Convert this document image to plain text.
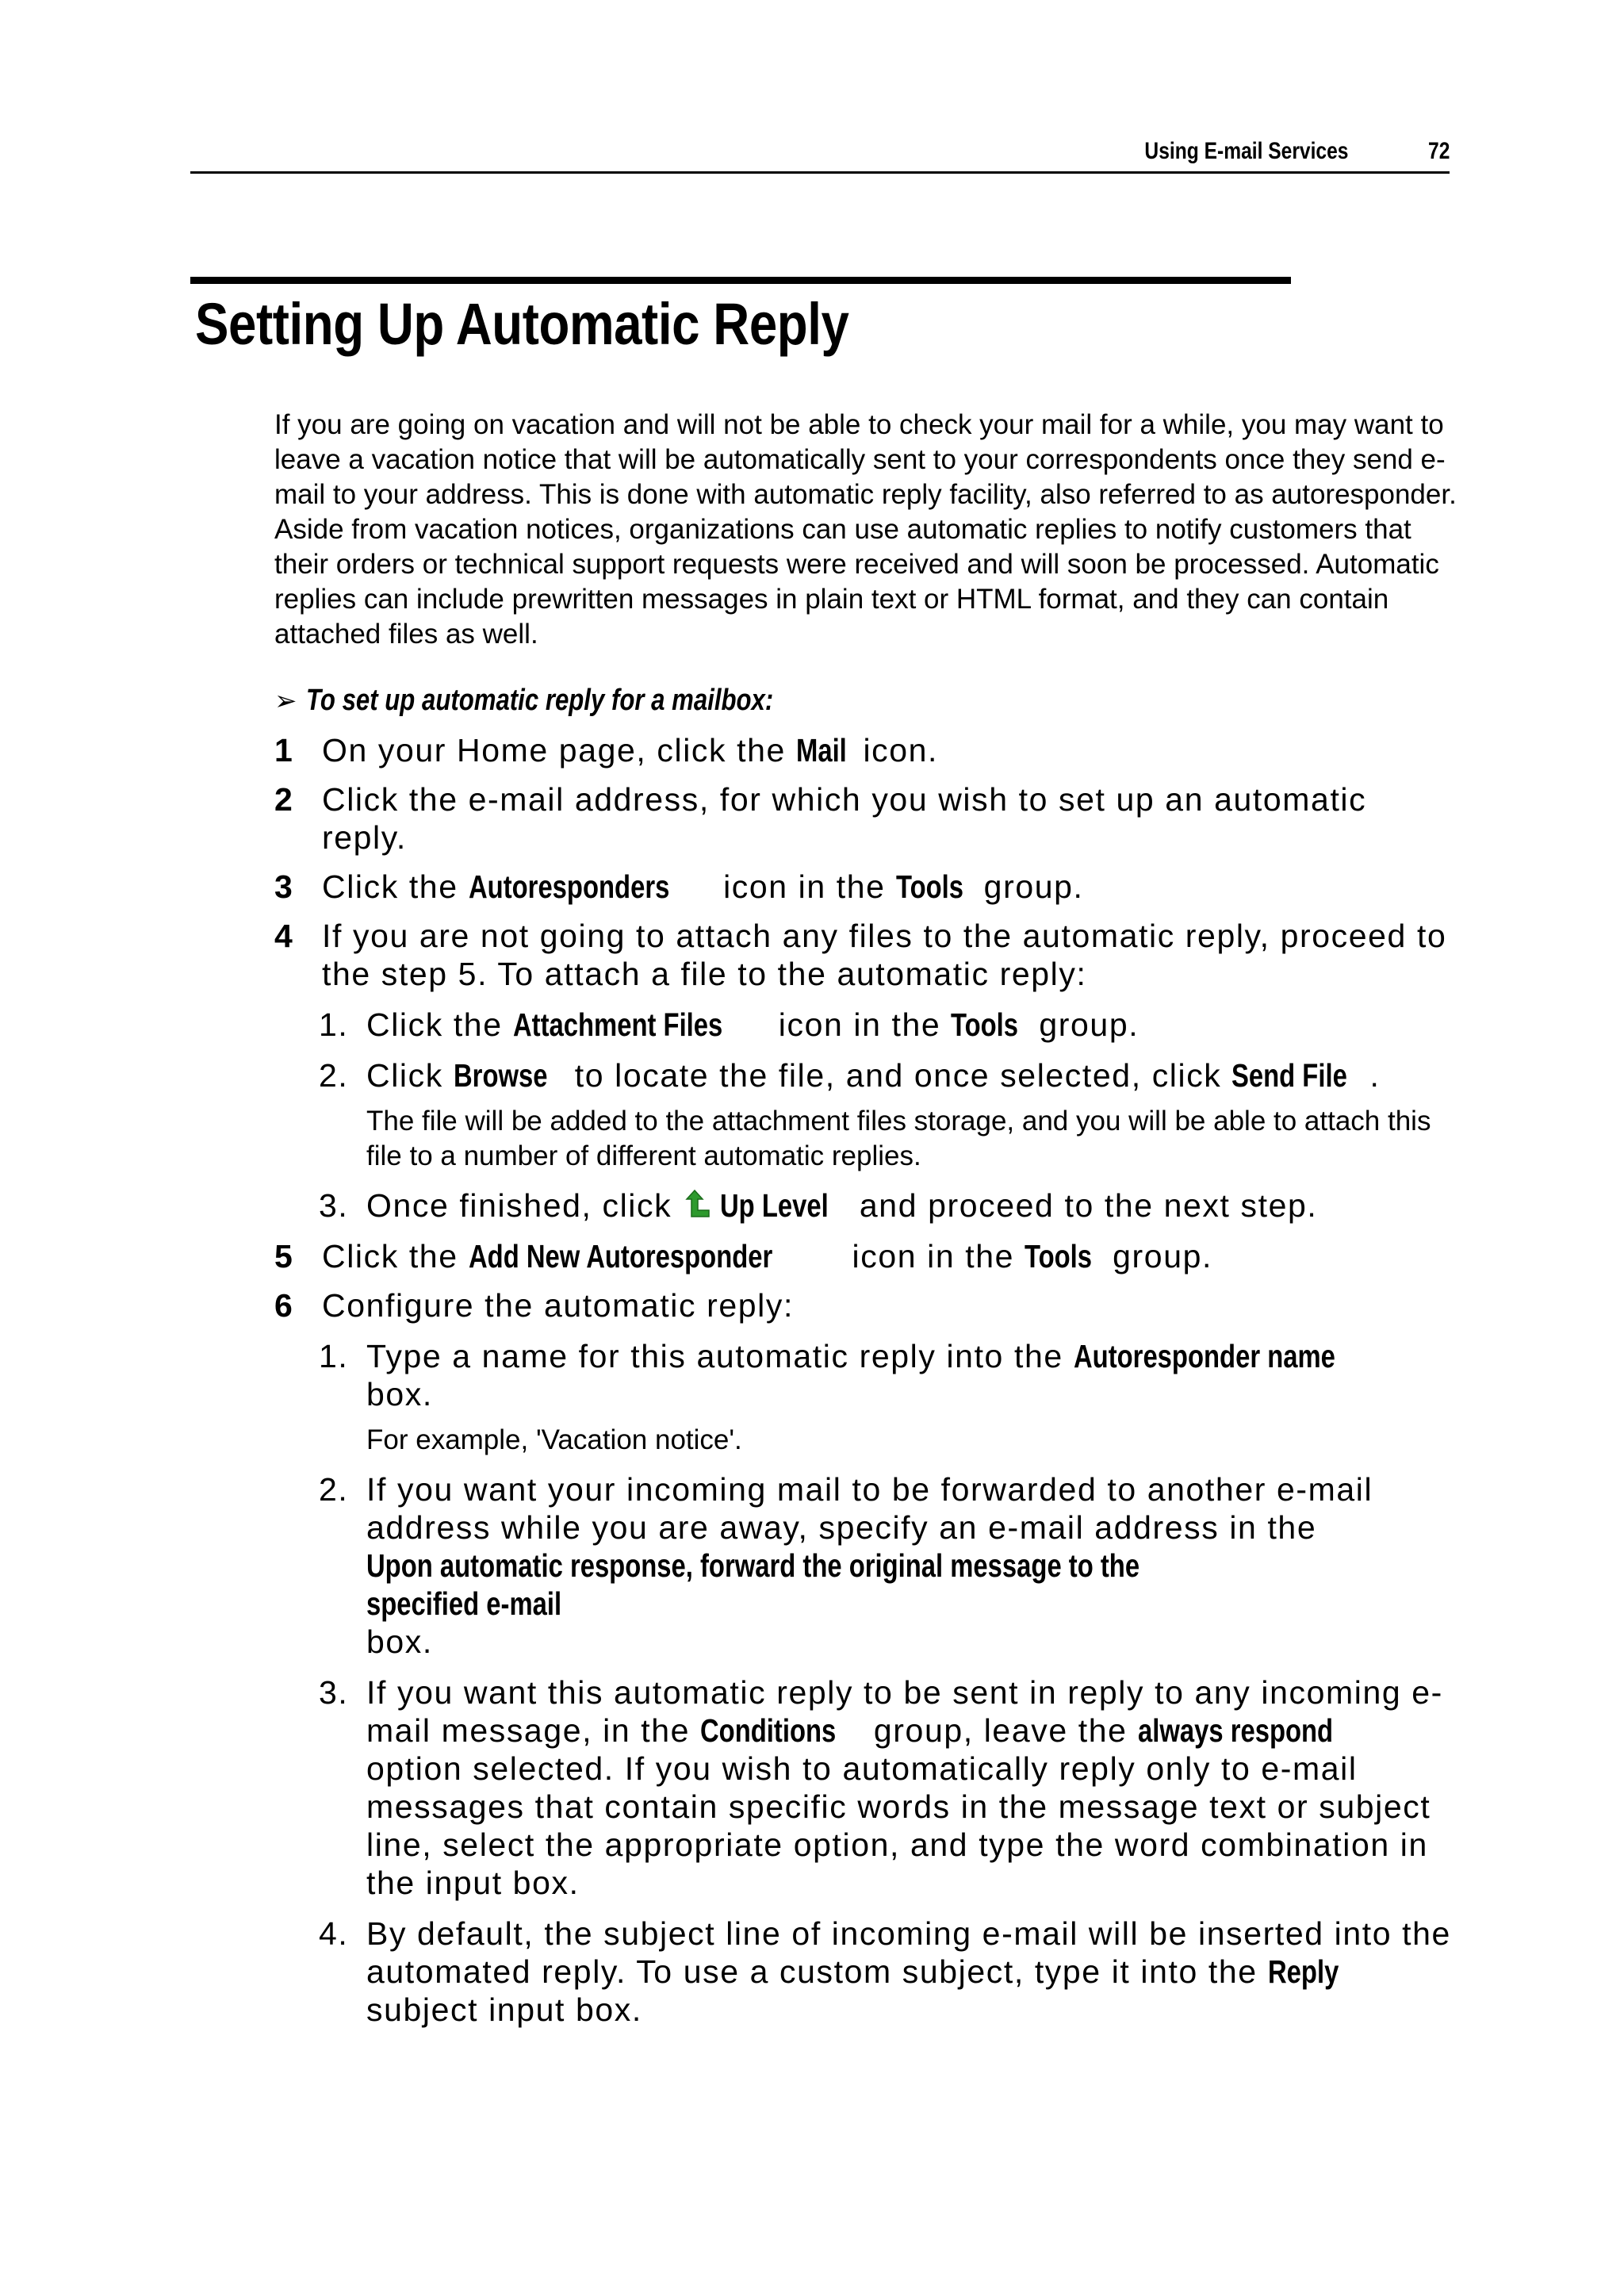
Using E-mail Services	72
Setting Up Automatic Reply

If you are going on vacation and will not be able to check your mail for a while, you may want to leave a vacation notice that will be automatically sent to your correspondents once they send e-mail to your address. This is done with automatic reply facility, also referred to as autoresponder. Aside from vacation notices, organizations can use automatic replies to notify customers that their orders or technical support requests were received and will soon be processed. Automatic replies can include prewritten messages in plain text or HTML format, and they can contain attached files as well.

➢ To set up automatic reply for a mailbox:
1 On your Home page, click the Mail icon.
2 Click the e-mail address, for which you wish to set up an automatic reply.
3 Click the Autoresponders icon in the Tools group.
4 If you are not going to attach any files to the automatic reply, proceed to the step 5. To attach a file to the automatic reply:
1. Click the Attachment Files icon in the Tools group.
2. Click Browse to locate the file, and once selected, click Send File .
The file will be added to the attachment files storage, and you will be able to attach this file to a number of different automatic replies.
3. Once finished, click Up Level and proceed to the next step.
5 Click the Add New Autoresponder icon in the Tools group.
6 Configure the automatic reply:
1. Type a name for this automatic reply into the Autoresponder name box.
For example, 'Vacation notice'.
2. If you want your incoming mail to be forwarded to another e-mail address while you are away, specify an e-mail address in the Upon automatic response, forward the original message to the specified e-mail box.
3. If you want this automatic reply to be sent in reply to any incoming e-mail message, in the Conditions group, leave the always respond option selected. If you wish to automatically reply only to e-mail messages that contain specific words in the message text or subject line, select the appropriate option, and type the word combination in the input box.
4. By default, the subject line of incoming e-mail will be inserted into the automated reply. To use a custom subject, type it into the Reply subject input box.
